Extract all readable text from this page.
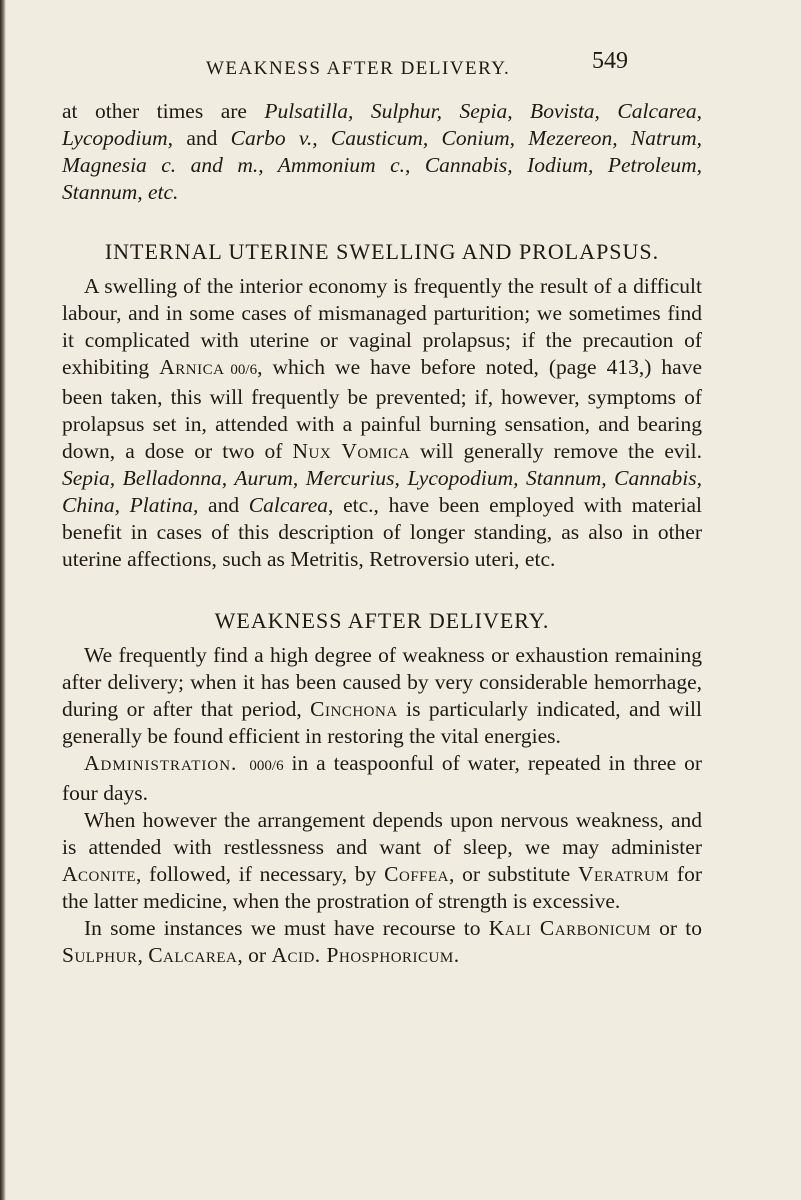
WEAKNESS AFTER DELIVERY.	549

at other times are Pulsatilla, Sulphur, Sepia, Bovista, Calcarea, Lycopodium, and Carbo v., Causticum, Conium, Mezereon, Natrum, Magnesia c. and m., Ammonium c., Cannabis, Iodium, Petroleum, Stannum, etc.

INTERNAL UTERINE SWELLING AND PROLAPSUS.

A swelling of the interior economy is frequently the result of a difficult labour, and in some cases of mismanaged parturition; we sometimes find it complicated with uterine or vaginal prolapsus; if the precaution of exhibiting Arnica 00/6, which we have before noted, (page 413,) have been taken, this will frequently be prevented; if, however, symptoms of prolapsus set in, attended with a painful burning sensation, and bearing down, a dose or two of Nux Vomica will generally remove the evil. Sepia, Belladonna, Aurum, Mercurius, Lycopodium, Stannum, Cannabis, China, Platina, and Calcarea, etc., have been employed with material benefit in cases of this description of longer standing, as also in other uterine affections, such as Metritis, Retroversio uteri, etc.

WEAKNESS AFTER DELIVERY.

We frequently find a high degree of weakness or exhaustion remaining after delivery; when it has been caused by very considerable hemorrhage, during or after that period, Cinchona is particularly indicated, and will generally be found efficient in restoring the vital energies.

Administration. 000/6 in a teaspoonful of water, repeated in three or four days.

When however the arrangement depends upon nervous weakness, and is attended with restlessness and want of sleep, we may administer Aconite, followed, if necessary, by Coffea, or substitute Veratrum for the latter medicine, when the prostration of strength is excessive.

In some instances we must have recourse to Kali Carbonicum or to Sulphur, Calcarea, or Acid. Phosphoricum.
